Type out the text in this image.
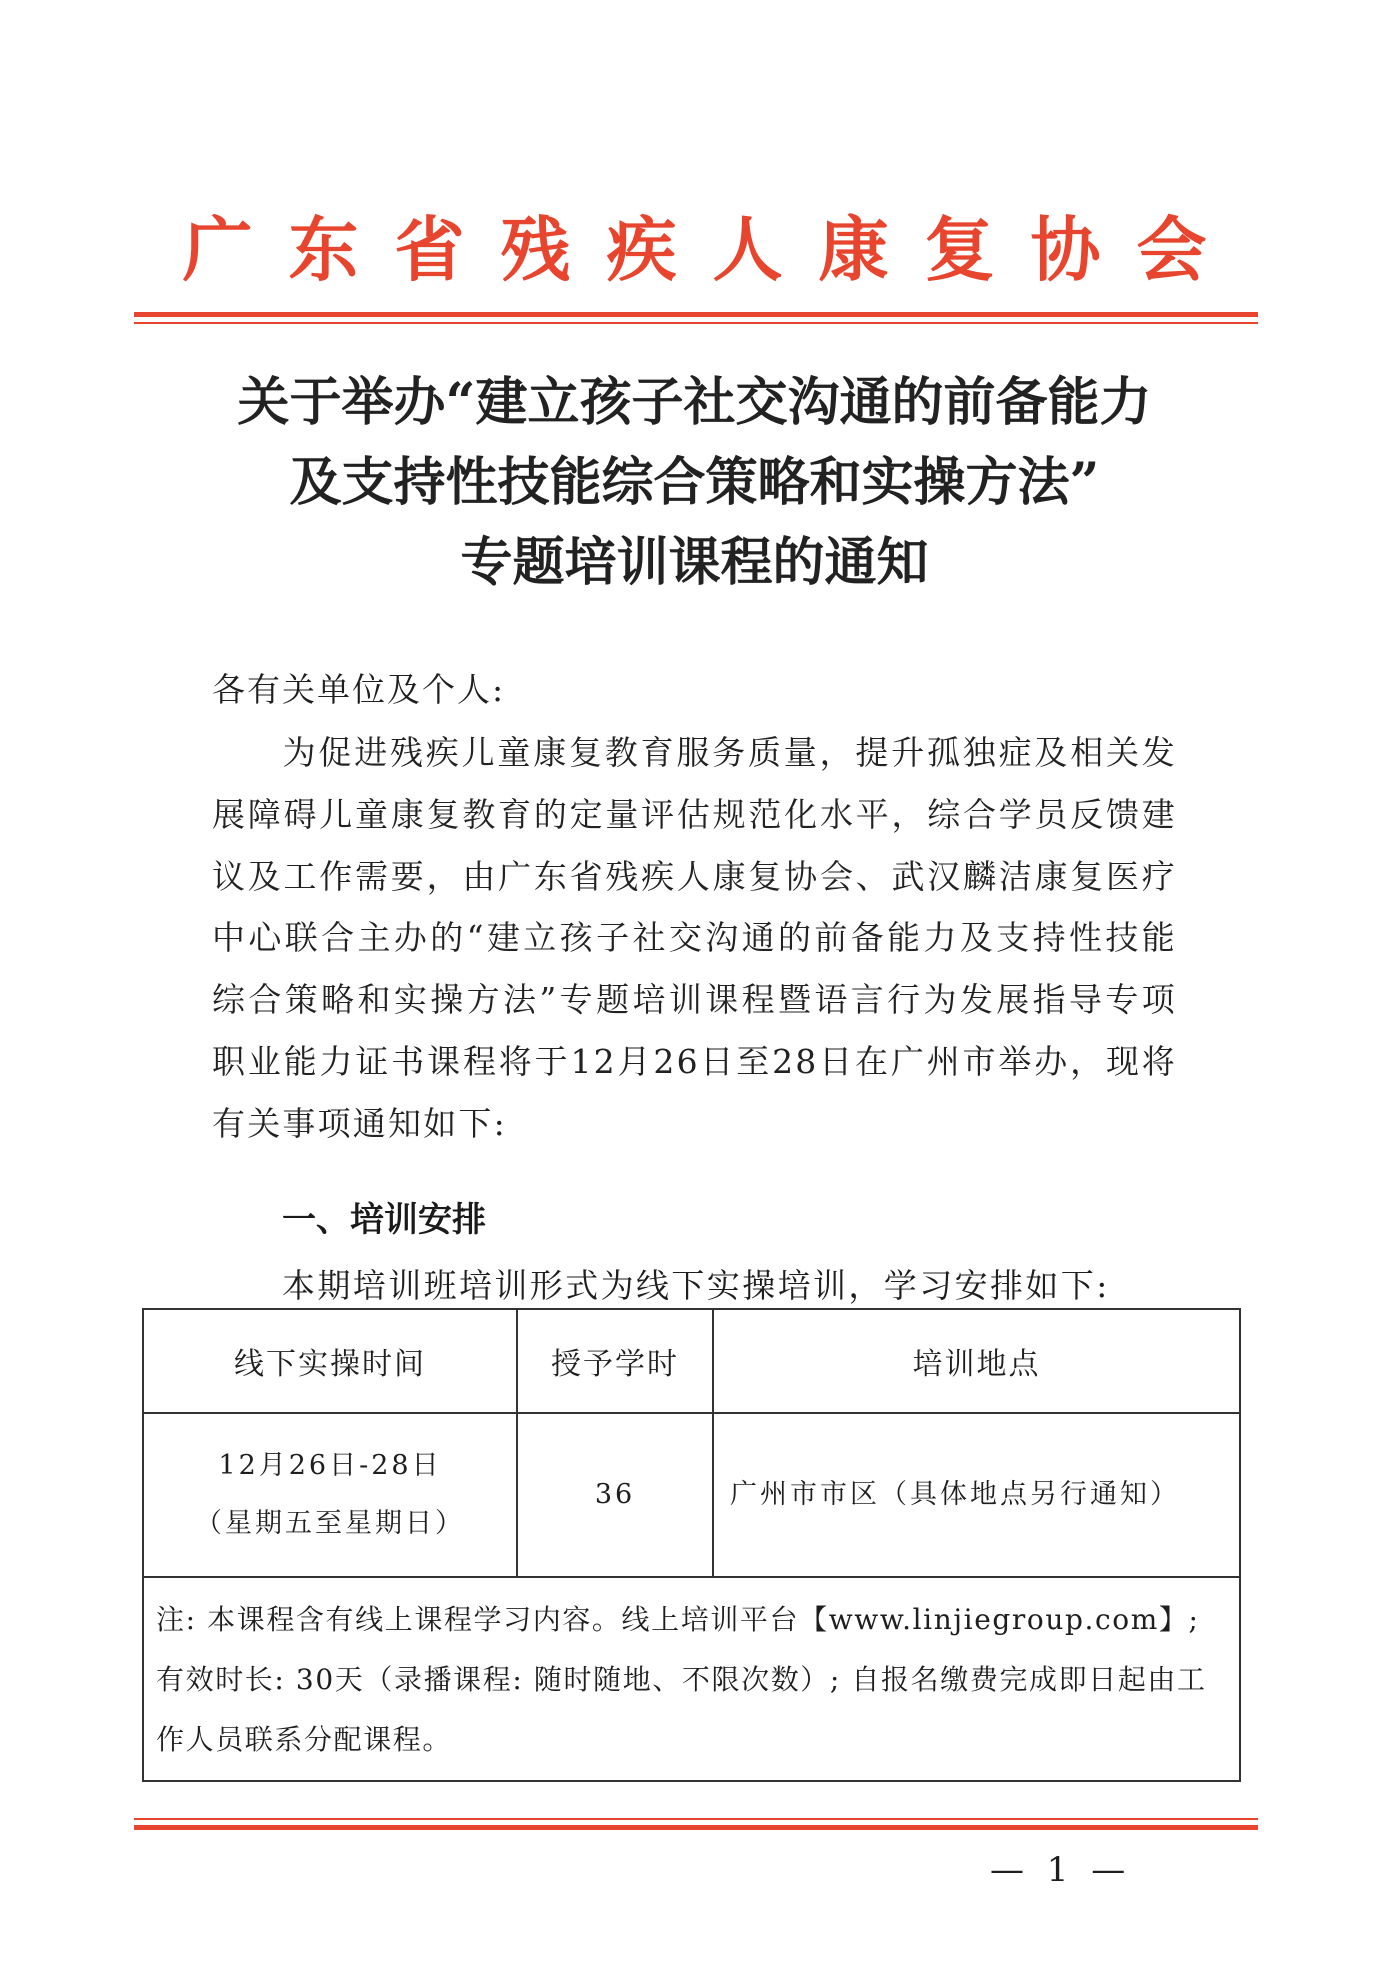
广东省残疾人康复协会
关于举办“建立孩子社交沟通的前备能力
及支持性技能综合策略和实操方法”
专题培训课程的通知
各有关单位及个人:
为促进残疾儿童康复教育服务质量，提升孤独症及相关发展障碍儿童康复教育的定量评估规范化水平，综合学员反馈建议及工作需要，由广东省残疾人康复协会、武汉麟洁康复医疗中心联合主办的“建立孩子社交沟通的前备能力及支持性技能综合策略和实操方法”专题培训课程暨语言行为发展指导专项职业能力证书课程将于12月26日至28日在广州市举办，现将有关事项通知如下:
一、培训安排
本期培训班培训形式为线下实操培训，学习安排如下:
线下实操时间	授予学时	培训地点

12月26日-28日
（星期五至星期日）	36	广州市市区（具体地点另行通知）
注: 本课程含有线上课程学习内容。线上培训平台【www.linjiegroup.com】; 有效时长: 30天（录播课程: 随时随地、不限次数）; 自报名缴费完成即日起由工作人员联系分配课程。		
— 1 —
